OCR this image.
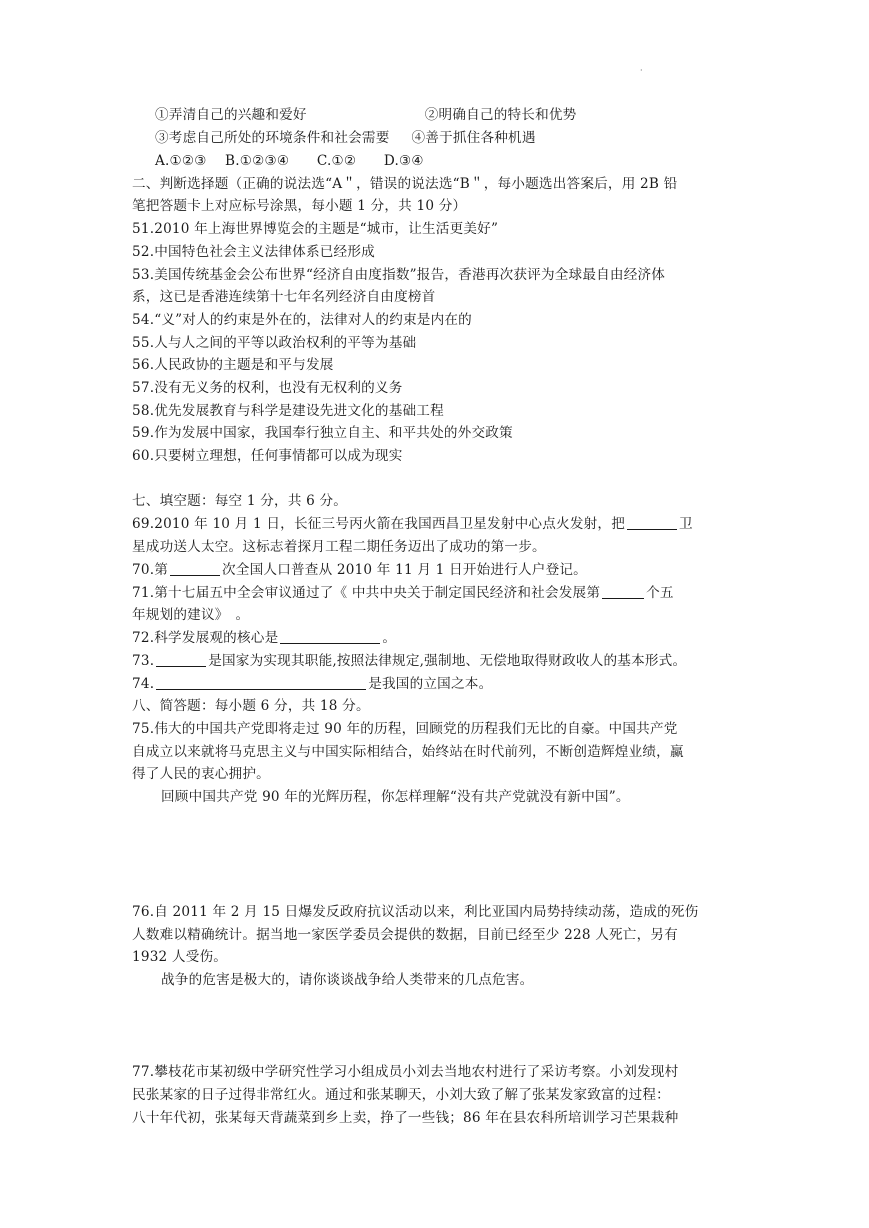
·
①弄清自己的兴趣和爱好	②明确自己的特长和优势
③考虑自己所处的环境条件和社会需要 ④善于抓住各种机遇
A.①②③　 B.①②③④　　C.①②　　D.③④
二、判断选择题（正确的说法选“A＂，错误的说法选“B＂，每小题选出答案后，用 2B 铅
笔把答题卡上对应标号涂黑，每小题 1 分，共 10 分）
51.2010 年上海世界博览会的主题是“城市，让生活更美好”
52.中国特色社会主义法律体系已经形成
53.美国传统基金会公布世界“经济自由度指数”报告，香港再次获评为全球最自由经济体
系，这已是香港连续第十七年名列经济自由度榜首
54.“义”对人的约束是外在的，法律对人的约束是内在的
55.人与人之间的平等以政治权利的平等为基础
56.人民政协的主题是和平与发展
57.没有无义务的权利，也没有无权利的义务
58.优先发展教育与科学是建设先进文化的基础工程
59.作为发展中国家，我国奉行独立自主、和平共处的外交政策
60.只要树立理想，任何事情都可以成为现实
七、填空题：每空 1 分，共 6 分。
69.2010 年 10 月 1 日，长征三号丙火箭在我国西昌卫星发射中心点火发射，把	卫
星成功送人太空。这标志着探月工程二期任务迈出了成功的第一步。
70.第	次全国人口普查从 2010 年 11 月 1 日开始进行人户登记。
71.第十七届五中全会审议通过了《 中共中央关于制定国民经济和社会发展第	个五
年规划的建议》　。
72.科学发展观的核心是	。
73.	是国家为实现其职能,按照法律规定,强制地、无偿地取得财政收人的基本形式。
74.	是我国的立国之本。
八、简答题：每小题 6 分，共 18 分。
75.伟大的中国共产党即将走过 90 年的历程，回顾党的历程我们无比的自豪。中国共产党
自成立以来就将马克思主义与中国实际相结合，始终站在时代前列，不断创造辉煌业绩，赢
得了人民的衷心拥护。
回顾中国共产党 90 年的光辉历程，你怎样理解“没有共产党就没有新中国”。
76.自 2011 年 2 月 15 日爆发反政府抗议活动以来，利比亚国内局势持续动荡，造成的死伤
人数难以精确统计。据当地一家医学委员会提供的数据，目前已经至少 228 人死亡，另有
1932 人受伤。
战争的危害是极大的，请你谈谈战争给人类带来的几点危害。
77.攀枝花市某初级中学研究性学习小组成员小刘去当地农村进行了采访考察。小刘发现村
民张某家的日子过得非常红火。通过和张某聊天，小刘大致了解了张某发家致富的过程：
八十年代初，张某每天背蔬菜到乡上卖，挣了一些钱；86 年在县农科所培训学习芒果栽种
